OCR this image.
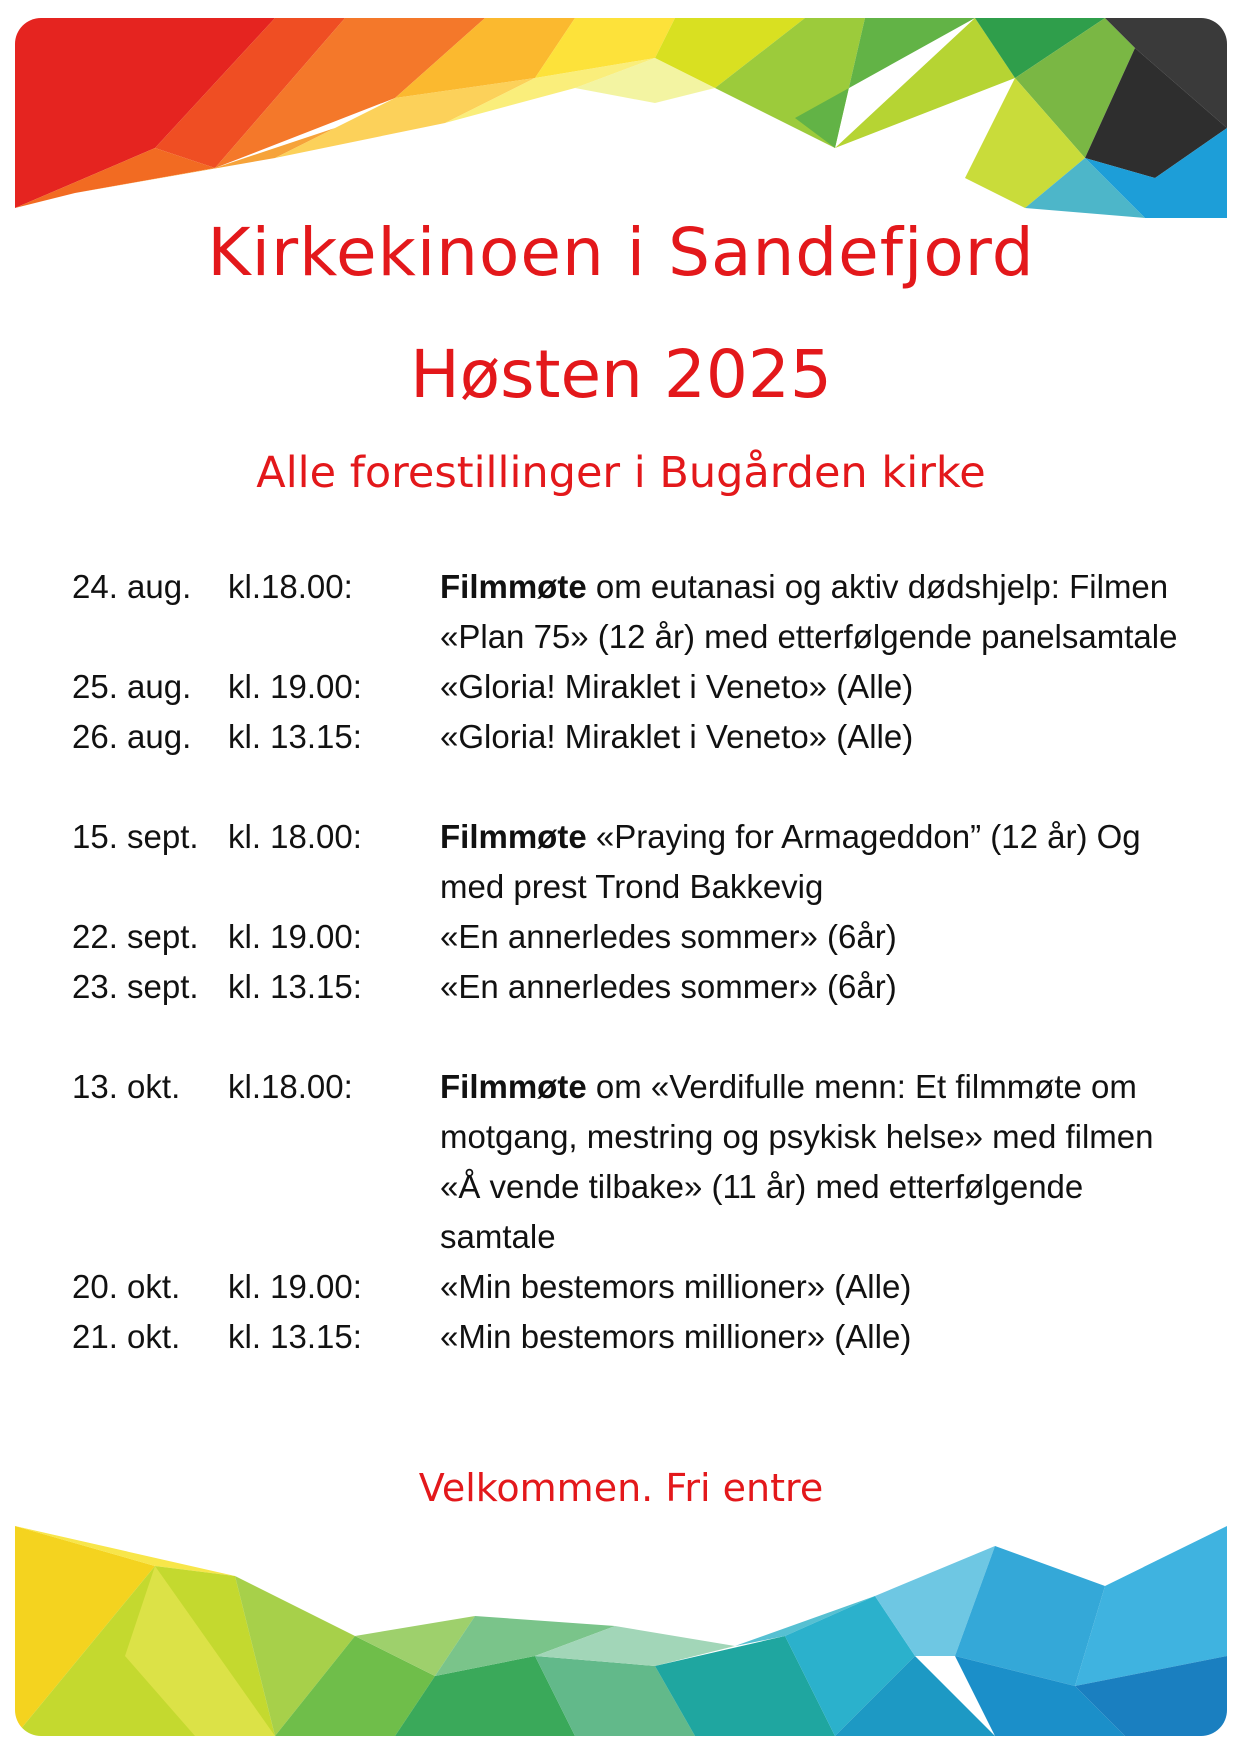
Kirkekinoen i Sandefjord
Høsten 2025
Alle forestillinger i Bugården kirke
24. aug.	kl.18.00:	Filmmøte om eutanasi og aktiv dødshjelp: Filmen «Plan 75» (12 år) med etterfølgende panelsamtale
25. aug.	kl. 19.00:	«Gloria! Miraklet i Veneto» (Alle)
26. aug.	kl. 13.15:	«Gloria! Miraklet i Veneto» (Alle)
15. sept. kl. 18.00:	Filmmøte «Praying for Armageddon” (12 år) Og med prest Trond Bakkevig
22. sept. kl. 19.00:	«En annerledes sommer» (6år)
23. sept. kl. 13.15:	«En annerledes sommer» (6år)
13. okt.	kl.18.00:	Filmmøte om «Verdifulle menn: Et filmmøte om motgang, mestring og psykisk helse» med filmen «Å vende tilbake» (11 år) med etterfølgende samtale
20. okt.	kl. 19.00:	«Min bestemors millioner» (Alle)
21. okt.	kl. 13.15:	«Min bestemors millioner» (Alle)
Velkommen. Fri entre
